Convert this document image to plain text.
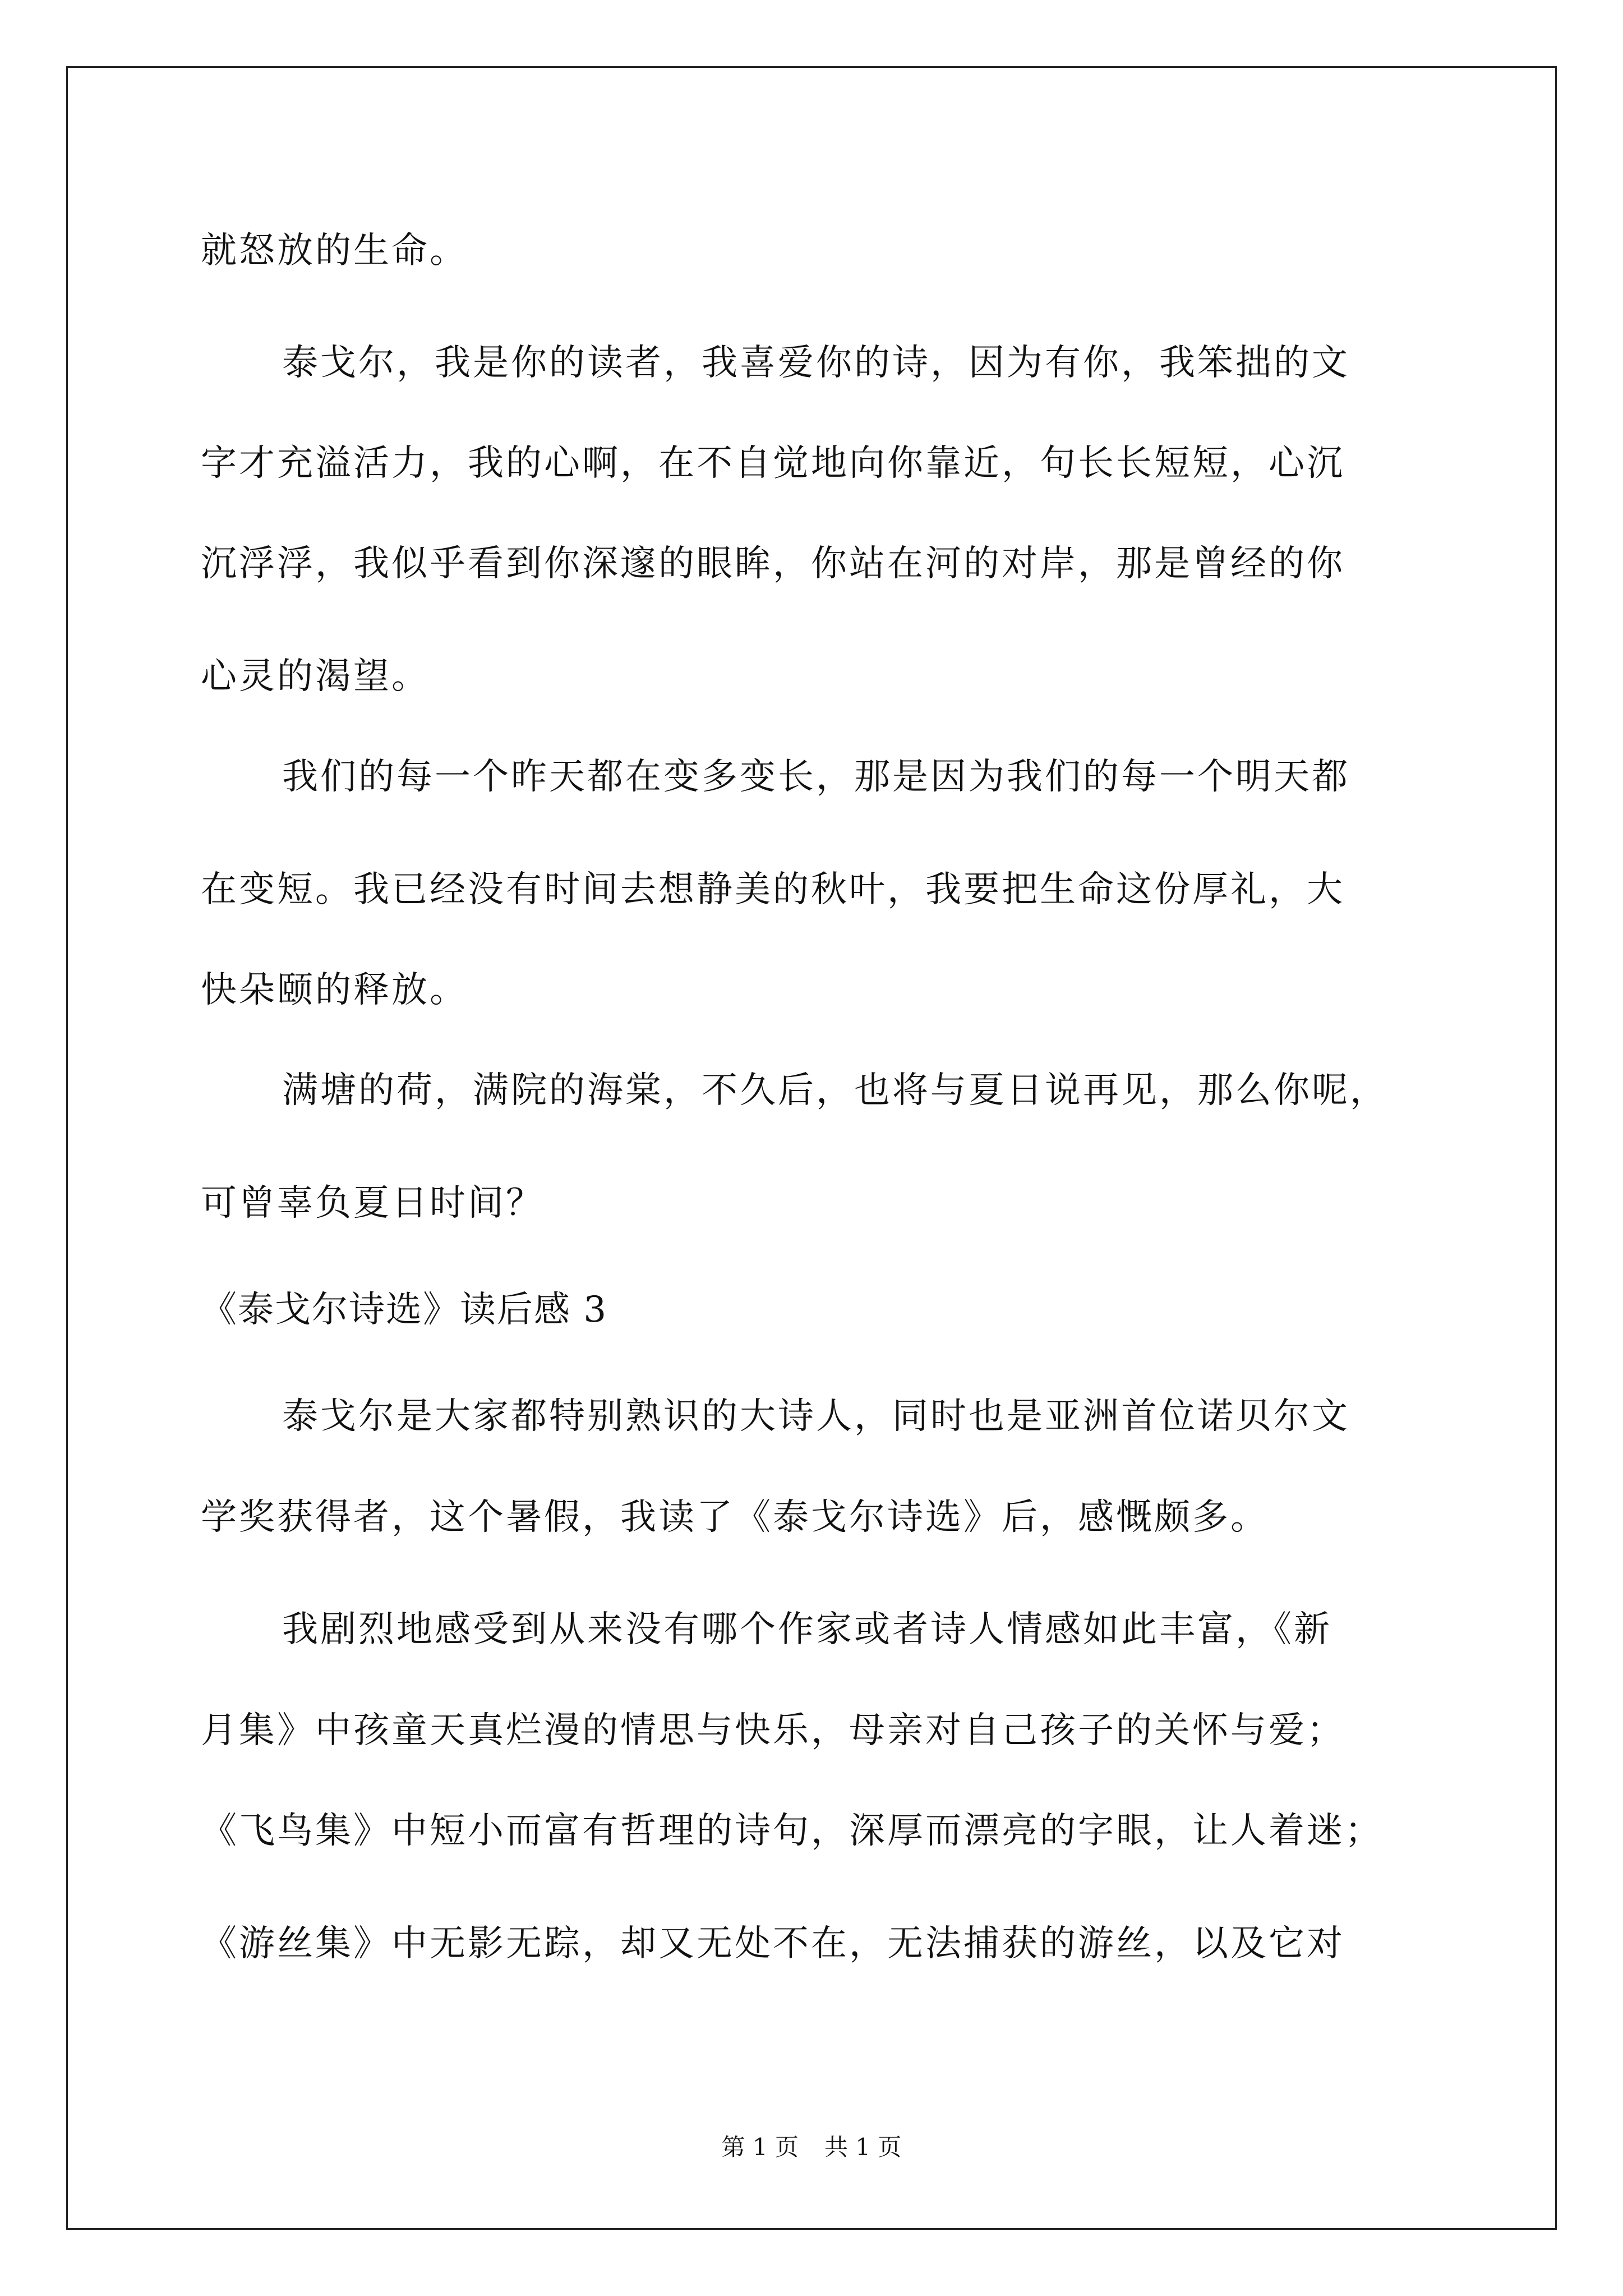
就怒放的生命。
泰戈尔，我是你的读者，我喜爱你的诗，因为有你，我笨拙的文
字才充溢活力，我的心啊，在不自觉地向你靠近，句长长短短，心沉
沉浮浮，我似乎看到你深邃的眼眸，你站在河的对岸，那是曾经的你
心灵的渴望。
我们的每一个昨天都在变多变长，那是因为我们的每一个明天都
在变短。我已经没有时间去想静美的秋叶，我要把生命这份厚礼，大
快朵颐的释放。
满塘的荷，满院的海棠，不久后，也将与夏日说再见，那么你呢，
可曾辜负夏日时间？
《泰戈尔诗选》读后感 3
泰戈尔是大家都特别熟识的大诗人，同时也是亚洲首位诺贝尔文
学奖获得者，这个暑假，我读了《泰戈尔诗选》后，感慨颇多。
我剧烈地感受到从来没有哪个作家或者诗人情感如此丰富，《新
月集》中孩童天真烂漫的情思与快乐，母亲对自己孩子的关怀与爱；
《飞鸟集》中短小而富有哲理的诗句，深厚而漂亮的字眼，让人着迷；
《游丝集》中无影无踪，却又无处不在，无法捕获的游丝，以及它对
第 1 页 共 1 页
